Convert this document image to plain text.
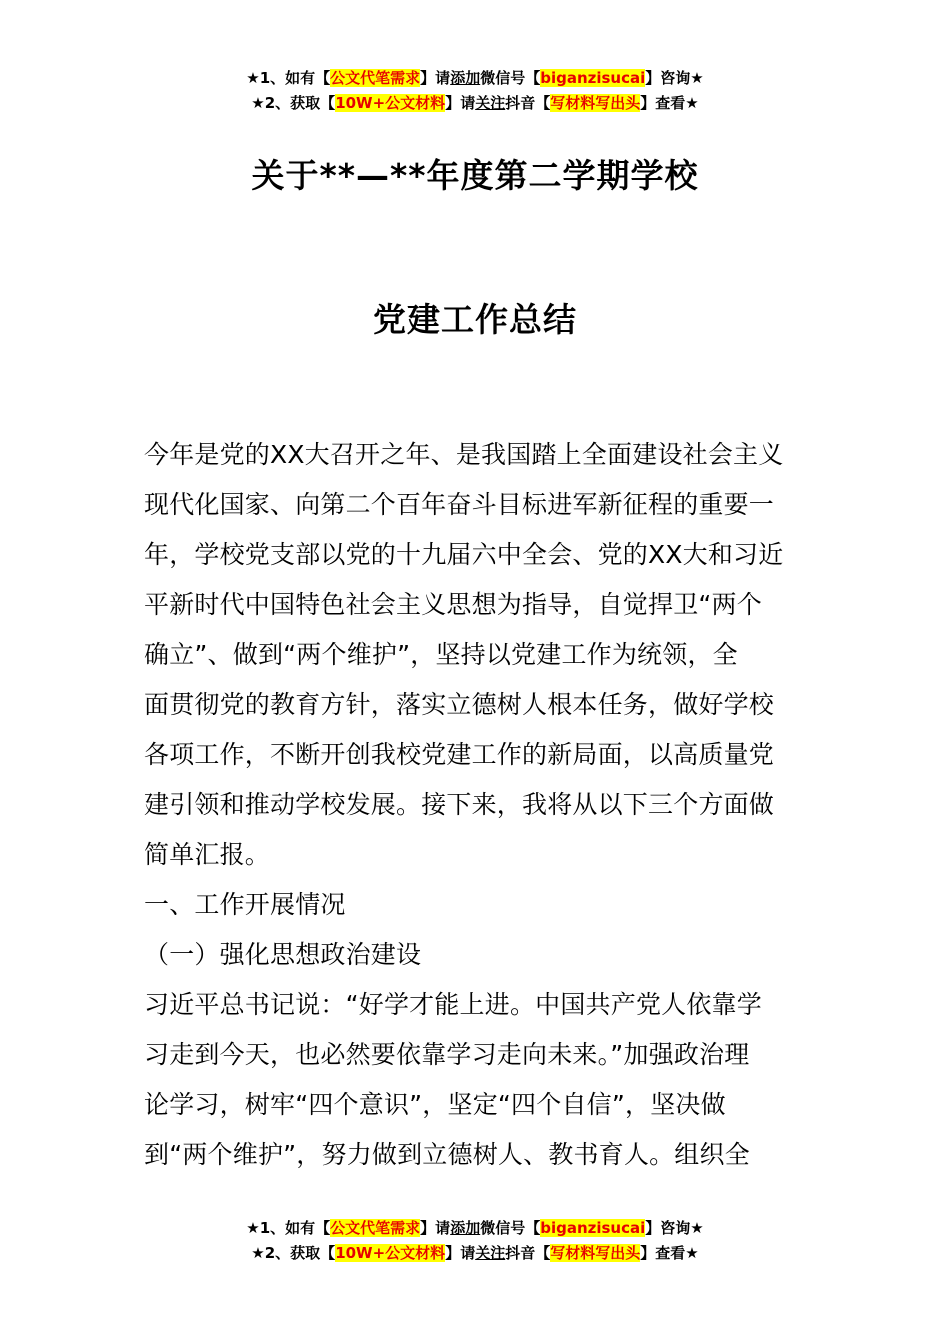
★1、如有【公文代笔需求】请添加微信号【biganzisucai】咨询★
★2、获取【10W+公文材料】请关注抖音【写材料写出头】查看★
关于**—**年度第二学期学校
党建工作总结
今年是党的XX大召开之年、是我国踏上全面建设社会主义
现代化国家、向第二个百年奋斗目标进军新征程的重要一
年，学校党支部以党的十九届六中全会、党的XX大和习近
平新时代中国特色社会主义思想为指导，自觉捍卫“两个
确立”、做到“两个维护”，坚持以党建工作为统领，全
面贯彻党的教育方针，落实立德树人根本任务，做好学校
各项工作，不断开创我校党建工作的新局面，以高质量党
建引领和推动学校发展。接下来，我将从以下三个方面做
简单汇报。
一、工作开展情况
（一）强化思想政治建设
习近平总书记说：“好学才能上进。中国共产党人依靠学
习走到今天，也必然要依靠学习走向未来。”加强政治理
论学习，树牢“四个意识”，坚定“四个自信”，坚决做
到“两个维护”，努力做到立德树人、教书育人。组织全
★1、如有【公文代笔需求】请添加微信号【biganzisucai】咨询★
★2、获取【10W+公文材料】请关注抖音【写材料写出头】查看★
